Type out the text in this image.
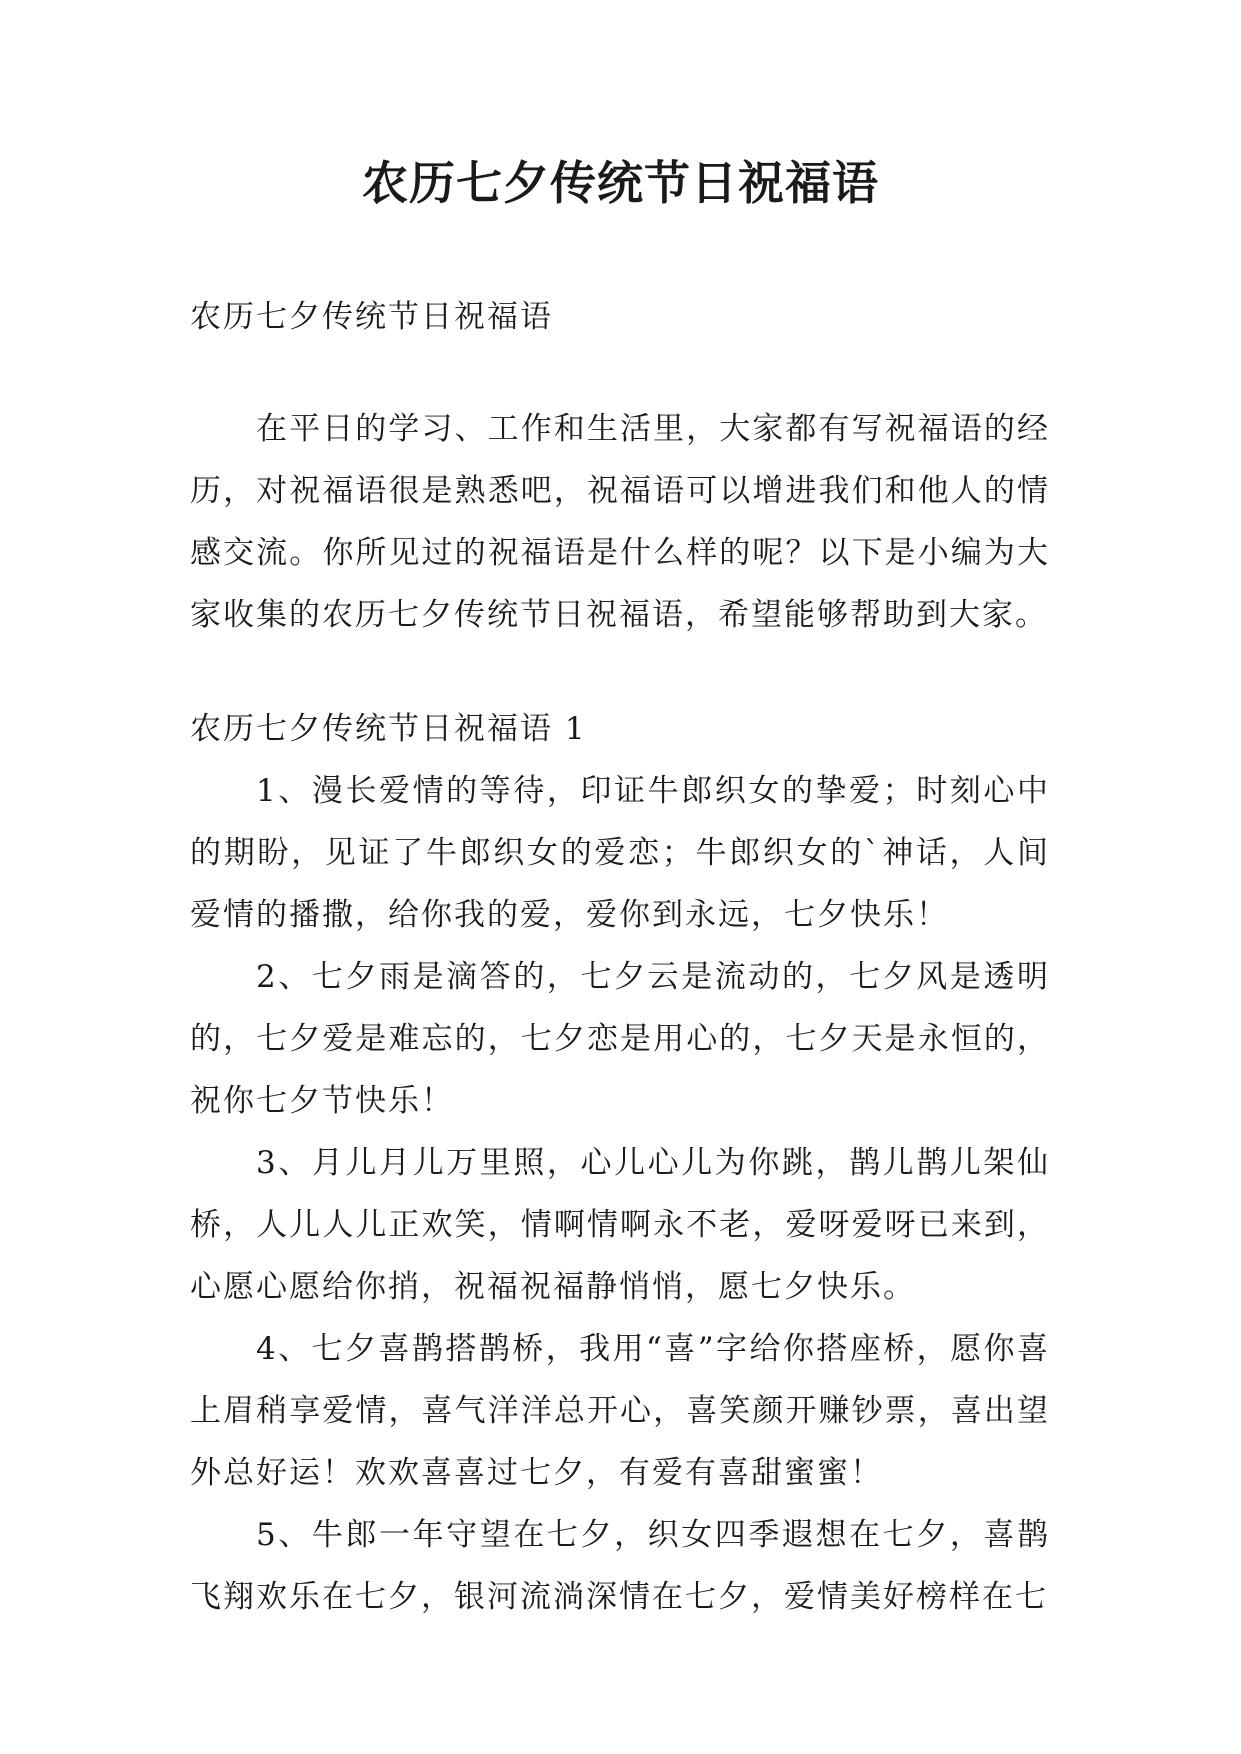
农历七夕传统节日祝福语

农历七夕传统节日祝福语

在平日的学习、工作和生活里，大家都有写祝福语的经历，对祝福语很是熟悉吧，祝福语可以增进我们和他人的情感交流。你所见过的祝福语是什么样的呢？以下是小编为大家收集的农历七夕传统节日祝福语，希望能够帮助到大家。

农历七夕传统节日祝福语 1

1、漫长爱情的等待，印证牛郎织女的挚爱；时刻心中的期盼，见证了牛郎织女的爱恋；牛郎织女的`神话，人间爱情的播撒，给你我的爱，爱你到永远，七夕快乐！

2、七夕雨是滴答的，七夕云是流动的，七夕风是透明的，七夕爱是难忘的，七夕恋是用心的，七夕天是永恒的，祝你七夕节快乐！

3、月儿月儿万里照，心儿心儿为你跳，鹊儿鹊儿架仙桥，人儿人儿正欢笑，情啊情啊永不老，爱呀爱呀已来到，心愿心愿给你捎，祝福祝福静悄悄，愿七夕快乐。

4、七夕喜鹊搭鹊桥，我用“喜”字给你搭座桥，愿你喜上眉稍享爱情，喜气洋洋总开心，喜笑颜开赚钞票，喜出望外总好运！欢欢喜喜过七夕，有爱有喜甜蜜蜜！

5、牛郎一年守望在七夕，织女四季遐想在七夕，喜鹊飞翔欢乐在七夕，银河流淌深情在七夕，爱情美好榜样在七
